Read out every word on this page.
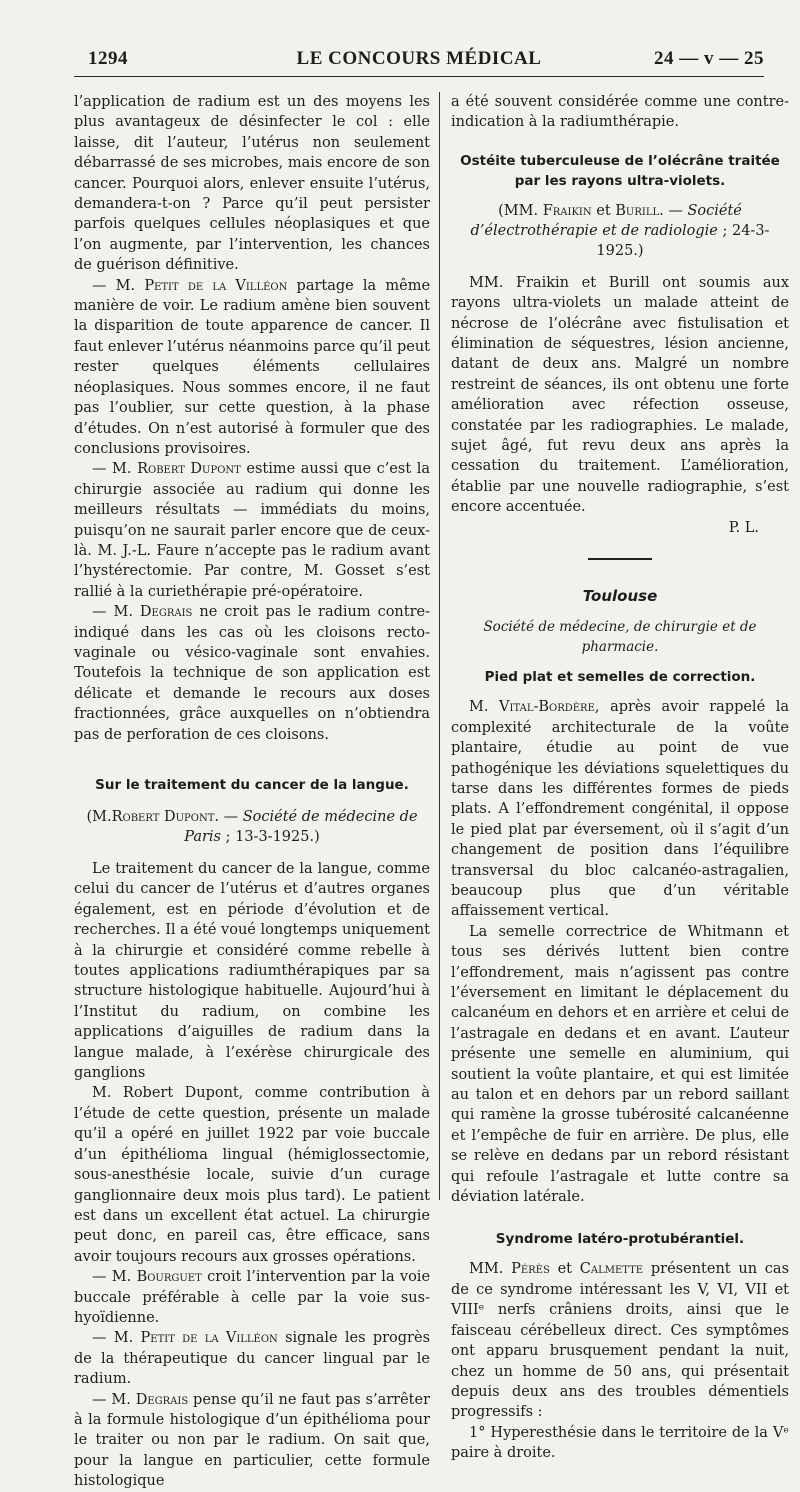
1294	LE CONCOURS MÉDICAL	24 — v — 25

l’application de radium est un des moyens les plus avantageux de désinfecter le col : elle laisse, dit l’auteur, l’utérus non seulement débarrassé de ses microbes, mais encore de son cancer. Pourquoi alors, enlever ensuite l’utérus, demandera-t-on ? Parce qu’il peut persister parfois quelques cellules néoplasiques et que l’on augmente, par l’intervention, les chances de guérison définitive.

— M. Petit de la Villéon partage la même manière de voir. Le radium amène bien souvent la disparition de toute apparence de cancer. Il faut enlever l’utérus néanmoins parce qu’il peut rester quelques éléments cellulaires néoplasiques. Nous sommes encore, il ne faut pas l’oublier, sur cette question, à la phase d’études. On n’est autorisé à formuler que des conclusions provisoires.

— M. Robert Dupont estime aussi que c’est la chirurgie associée au radium qui donne les meilleurs résultats — immédiats du moins, puisqu’on ne saurait parler encore que de ceux-là. M. J.-L. Faure n’accepte pas le radium avant l’hystérectomie. Par contre, M. Gosset s’est rallié à la curiethérapie pré-opératoire.

— M. Degrais ne croit pas le radium contre-indiqué dans les cas où les cloisons recto-vaginale ou vésico-vaginale sont envahies. Toutefois la technique de son application est délicate et demande le recours aux doses fractionnées, grâce auxquelles on n’obtiendra pas de perforation de ces cloisons.

Sur le traitement du cancer de la langue.

(M.Robert Dupont. — Société de médecine de Paris ; 13-3-1925.)

Le traitement du cancer de la langue, comme celui du cancer de l’utérus et d’autres organes également, est en période d’évolution et de recherches. Il a été voué longtemps uniquement à la chirurgie et considéré comme rebelle à toutes applications radiumthérapiques par sa structure histologique habituelle. Aujourd’hui à l’Institut du radium, on combine les applications d’aiguilles de radium dans la langue malade, à l’exérèse chirurgicale des ganglions

M. Robert Dupont, comme contribution à l’étude de cette question, présente un malade qu’il a opéré en juillet 1922 par voie buccale d’un épithélioma lingual (hémiglossectomie, sous-anesthésie locale, suivie d’un curage ganglionnaire deux mois plus tard). Le patient est dans un excellent état actuel. La chirurgie peut donc, en pareil cas, être efficace, sans avoir toujours recours aux grosses opérations.

— M. Bourguet croit l’intervention par la voie buccale préférable à celle par la voie sus-hyoïdienne.

— M. Petit de la Villéon signale les progrès de la thérapeutique du cancer lingual par le radium.

— M. Degrais pense qu’il ne faut pas s’arrêter à la formule histologique d’un épithélioma pour le traiter ou non par le radium. On sait que, pour la langue en particulier, cette formule histologique

a été souvent considérée comme une contre-indication à la radiumthérapie.

Ostéite tuberculeuse de l’olécrâne traitée par les rayons ultra-violets.

(MM. Fraikin et Burill. — Société d’électrothérapie et de radiologie ; 24-3-1925.)

MM. Fraikin et Burill ont soumis aux rayons ultra-violets un malade atteint de nécrose de l’olécrâne avec fistulisation et élimination de séquestres, lésion ancienne, datant de deux ans. Malgré un nombre restreint de séances, ils ont obtenu une forte amélioration avec réfection osseuse, constatée par les radiographies. Le malade, sujet âgé, fut revu deux ans après la cessation du traitement. L’amélioration, établie par une nouvelle radiographie, s’est encore accentuée.

P. L.

Toulouse

Société de médecine, de chirurgie et de pharmacie.

Pied plat et semelles de correction.

M. Vital-Bordère, après avoir rappelé la complexité architecturale de la voûte plantaire, étudie au point de vue pathogénique les déviations squelettiques du tarse dans les différentes formes de pieds plats. A l’effondrement congénital, il oppose le pied plat par éversement, où il s’agit d’un changement de position dans l’équilibre transversal du bloc calcanéo-astragalien, beaucoup plus que d’un véritable affaissement vertical.

La semelle correctrice de Whitmann et tous ses dérivés luttent bien contre l’effondrement, mais n’agissent pas contre l’éversement en limitant le déplacement du calcanéum en dehors et en arrière et celui de l’astragale en dedans et en avant. L’auteur présente une semelle en aluminium, qui soutient la voûte plantaire, et qui est limitée au talon et en dehors par un rebord saillant qui ramène la grosse tubérosité calcanéenne et l’empêche de fuir en arrière. De plus, elle se relève en dedans par un rebord résistant qui refoule l’astragale et lutte contre sa déviation latérale.

Syndrome latéro-protubérantiel.

MM. Pérès et Calmette présentent un cas de ce syndrome intéressant les V, VI, VII et VIIIᵉ nerfs crâniens droits, ainsi que le faisceau cérébelleux direct. Ces symptômes ont apparu brusquement pendant la nuit, chez un homme de 50 ans, qui présentait depuis deux ans des troubles démentiels progressifs :

1° Hyperesthésie dans le territoire de la Vᵉ paire à droite.
